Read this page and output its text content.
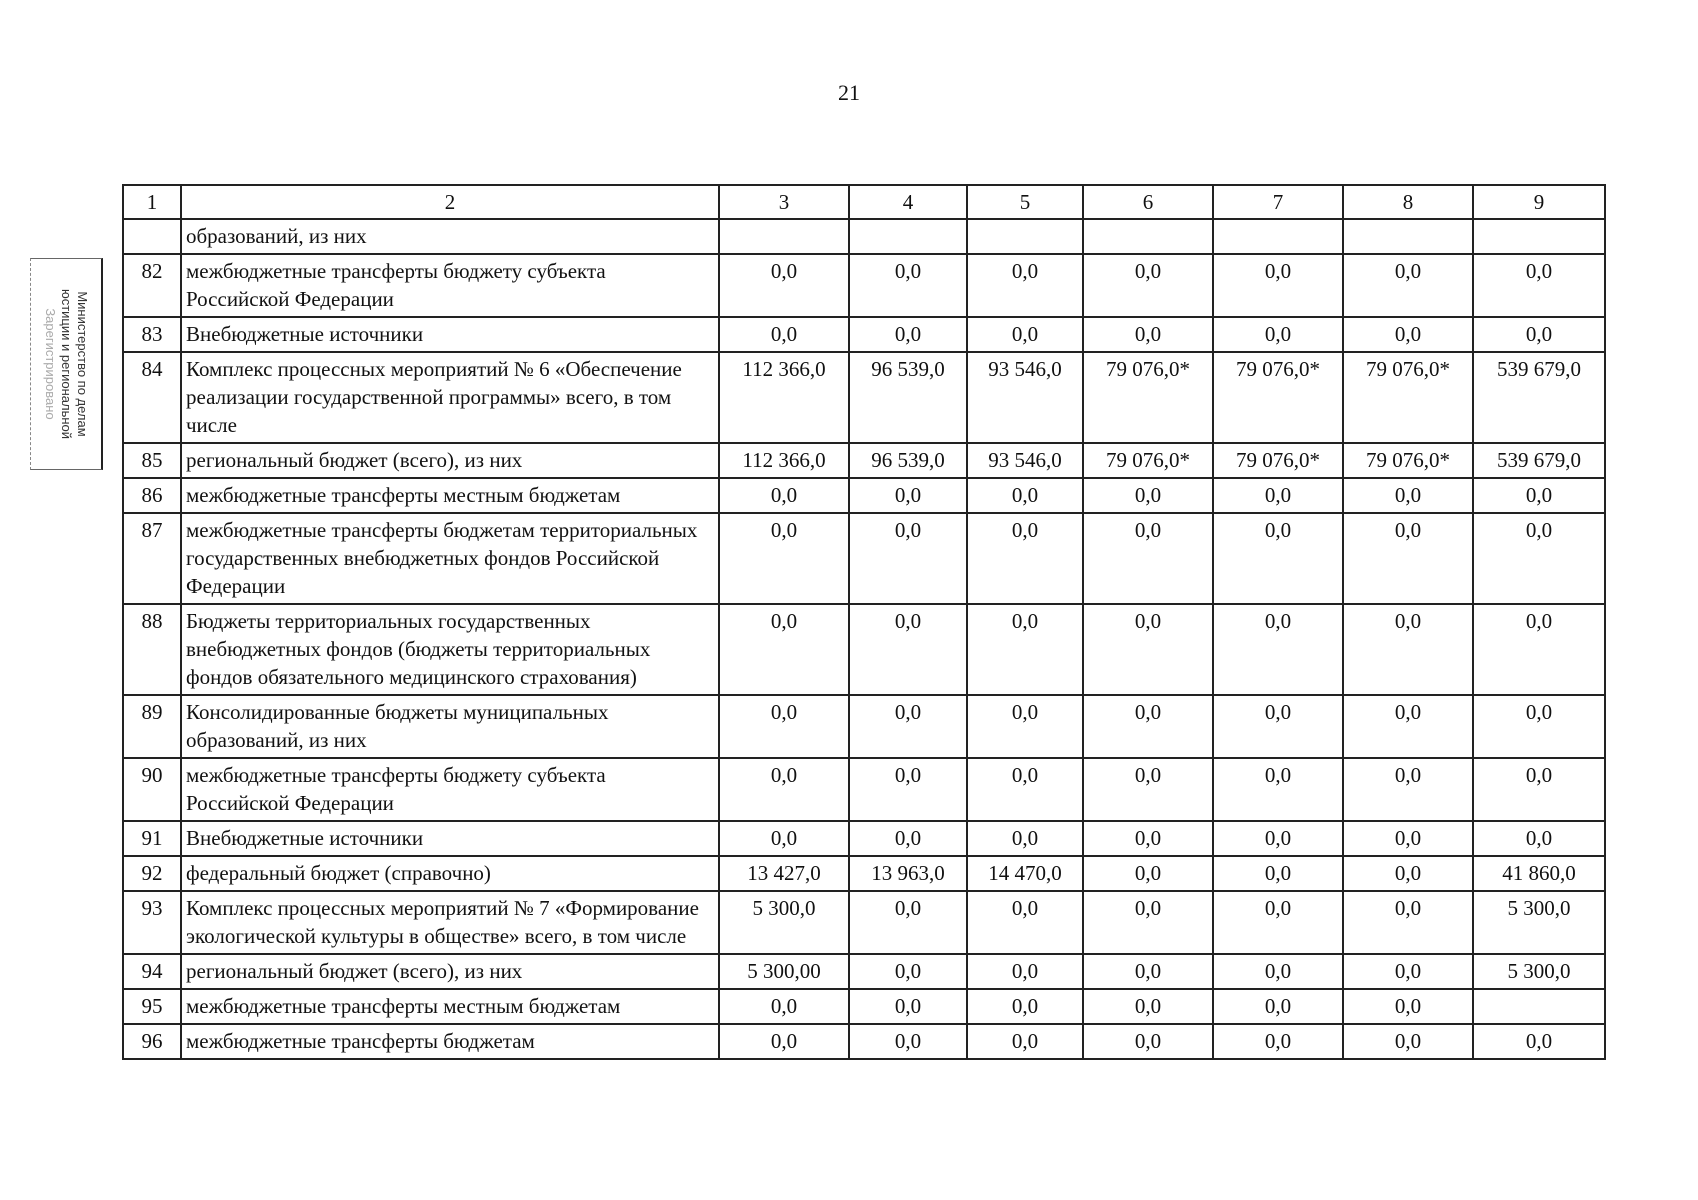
21
Министерство по делам
юстиции и региональной
Зарегистрировано
1	2	3	4	5	6	7	8	9
	образований, из них							
82	межбюджетные трансферты бюджету субъекта Российской Федерации	0,0	0,0	0,0	0,0	0,0	0,0	0,0
83	Внебюджетные источники	0,0	0,0	0,0	0,0	0,0	0,0	0,0
84	Комплекс процессных мероприятий № 6 «Обеспечение реализации государственной программы» всего, в том числе	112 366,0	96 539,0	93 546,0	79 076,0*	79 076,0*	79 076,0*	539 679,0
85	региональный бюджет (всего), из них	112 366,0	96 539,0	93 546,0	79 076,0*	79 076,0*	79 076,0*	539 679,0
86	межбюджетные трансферты местным бюджетам	0,0	0,0	0,0	0,0	0,0	0,0	0,0
87	межбюджетные трансферты бюджетам территориальных государственных внебюджетных фондов Российской Федерации	0,0	0,0	0,0	0,0	0,0	0,0	0,0
88	Бюджеты территориальных государственных внебюджетных фондов (бюджеты территориальных фондов обязательного медицинского страхования)	0,0	0,0	0,0	0,0	0,0	0,0	0,0
89	Консолидированные бюджеты муниципальных образований, из них	0,0	0,0	0,0	0,0	0,0	0,0	0,0
90	межбюджетные трансферты бюджету субъекта Российской Федерации	0,0	0,0	0,0	0,0	0,0	0,0	0,0
91	Внебюджетные источники	0,0	0,0	0,0	0,0	0,0	0,0	0,0
92	федеральный бюджет (справочно)	13 427,0	13 963,0	14 470,0	0,0	0,0	0,0	41 860,0
93	Комплекс процессных мероприятий № 7 «Формирование экологической культуры в обществе» всего, в том числе	5 300,0	0,0	0,0	0,0	0,0	0,0	5 300,0
94	региональный бюджет (всего), из них	5 300,00	0,0	0,0	0,0	0,0	0,0	5 300,0
95	межбюджетные трансферты местным бюджетам	0,0	0,0	0,0	0,0	0,0	0,0	
96	межбюджетные трансферты бюджетам	0,0	0,0	0,0	0,0	0,0	0,0	0,0
